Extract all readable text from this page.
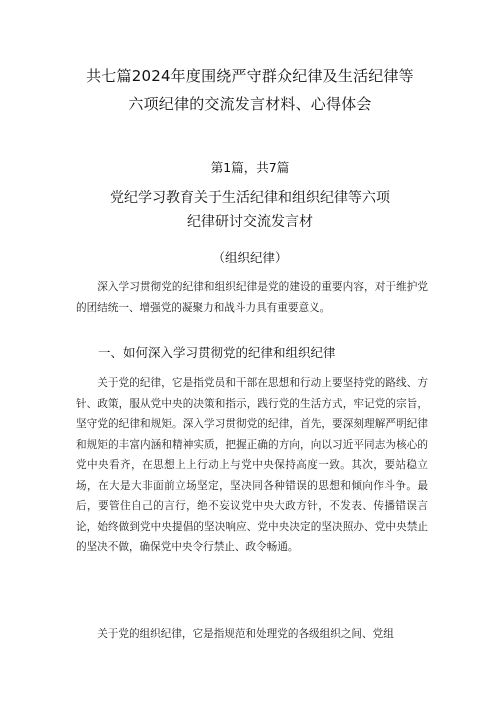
共七篇2024年度围绕严守群众纪律及生活纪律等
六项纪律的交流发言材料、心得体会
第1篇，共7篇
党纪学习教育关于生活纪律和组织纪律等六项
纪律研讨交流发言材
（组织纪律）

深入学习贯彻党的纪律和组织纪律是党的建设的重要内容，对于维护党的团结统一、增强党的凝聚力和战斗力具有重要意义。

一、如何深入学习贯彻党的纪律和组织纪律

关于党的纪律，它是指党员和干部在思想和行动上要坚持党的路线、方针、政策，服从党中央的决策和指示，践行党的生活方式，牢记党的宗旨，坚守党的纪律和规矩。深入学习贯彻党的纪律，首先，要深刻理解严明纪律和规矩的丰富内涵和精神实质，把握正确的方向，向以习近平同志为核心的党中央看齐，在思想上上行动上与党中央保持高度一致。其次，要站稳立场，在大是大非面前立场坚定，坚决同各种错误的思想和倾向作斗争。最后，要管住自己的言行，绝不妄议党中央大政方针，不发表、传播错误言论，始终做到党中央提倡的坚决响应、党中央决定的坚决照办、党中央禁止的坚决不做，确保党中央令行禁止、政令畅通。

关于党的组织纪律，它是指规范和处理党的各级组织之间、党组
